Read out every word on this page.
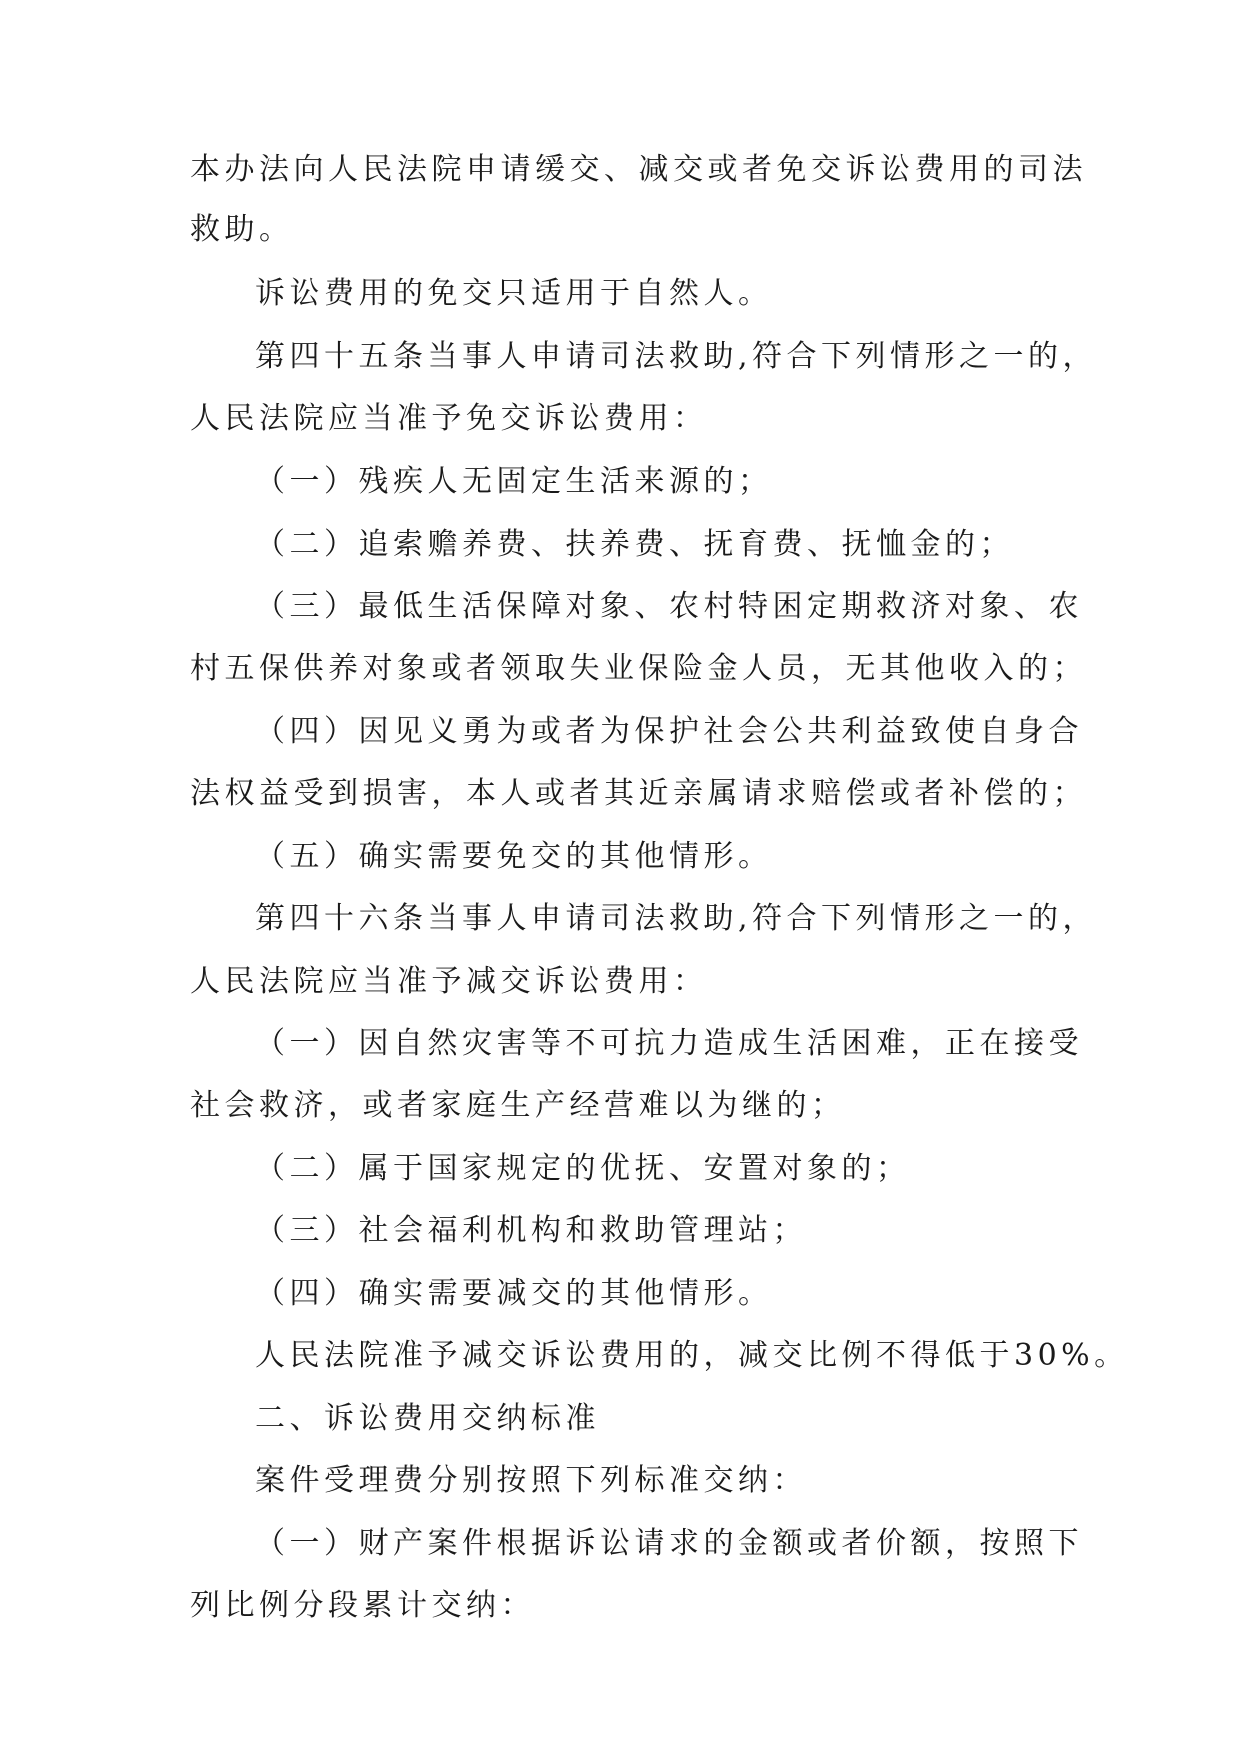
本办法向人民法院申请缓交、减交或者免交诉讼费用的司法
救助。
诉讼费用的免交只适用于自然人。
第四十五条当事人申请司法救助,符合下列情形之一的，
人民法院应当准予免交诉讼费用：
（一）残疾人无固定生活来源的；
（二）追索赡养费、扶养费、抚育费、抚恤金的；
（三）最低生活保障对象、农村特困定期救济对象、农
村五保供养对象或者领取失业保险金人员，无其他收入的；
（四）因见义勇为或者为保护社会公共利益致使自身合
法权益受到损害，本人或者其近亲属请求赔偿或者补偿的；
（五）确实需要免交的其他情形。
第四十六条当事人申请司法救助,符合下列情形之一的，
人民法院应当准予减交诉讼费用：
（一）因自然灾害等不可抗力造成生活困难，正在接受
社会救济，或者家庭生产经营难以为继的；
（二）属于国家规定的优抚、安置对象的；
（三）社会福利机构和救助管理站；
（四）确实需要减交的其他情形。
人民法院准予减交诉讼费用的，减交比例不得低于30%。
二、诉讼费用交纳标准
案件受理费分别按照下列标准交纳：
（一）财产案件根据诉讼请求的金额或者价额，按照下
列比例分段累计交纳：
